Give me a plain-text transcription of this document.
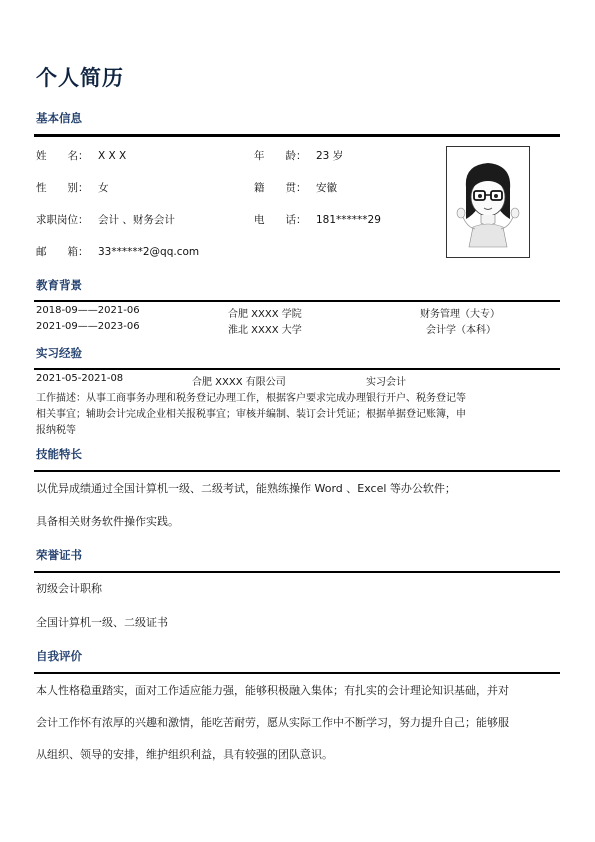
个人简历
基本信息
姓　　名： X X X	年　　龄： 23 岁
性　　别： 女	籍　　贯： 安徽
求职岗位： 会计 、财务会计	电　　话： 181******29
邮　　箱： 33******2@qq.com
教育背景
2018-09——2021-06	合肥 XXXX 学院	财务管理（大专）
2021-09——2023-06	淮北 XXXX 大学	会计学（本科）
实习经验
2021-05-2021-08	合肥 XXXX 有限公司	实习会计
工作描述：从事工商事务办理和税务登记办理工作，根据客户要求完成办理银行开户、税务登记等
相关事宜；辅助会计完成企业相关报税事宜；审核并编制、装订会计凭证；根据单据登记账簿，申
报纳税等
技能特长
以优异成绩通过全国计算机一级、二级考试，能熟练操作 Word 、Excel 等办公软件；
具备相关财务软件操作实践。
荣誉证书
初级会计职称
全国计算机一级、二级证书
自我评价
本人性格稳重踏实，面对工作适应能力强，能够积极融入集体；有扎实的会计理论知识基础，并对
会计工作怀有浓厚的兴趣和激情，能吃苦耐劳，愿从实际工作中不断学习，努力提升自己；能够服
从组织、领导的安排，维护组织利益，具有较强的团队意识。
